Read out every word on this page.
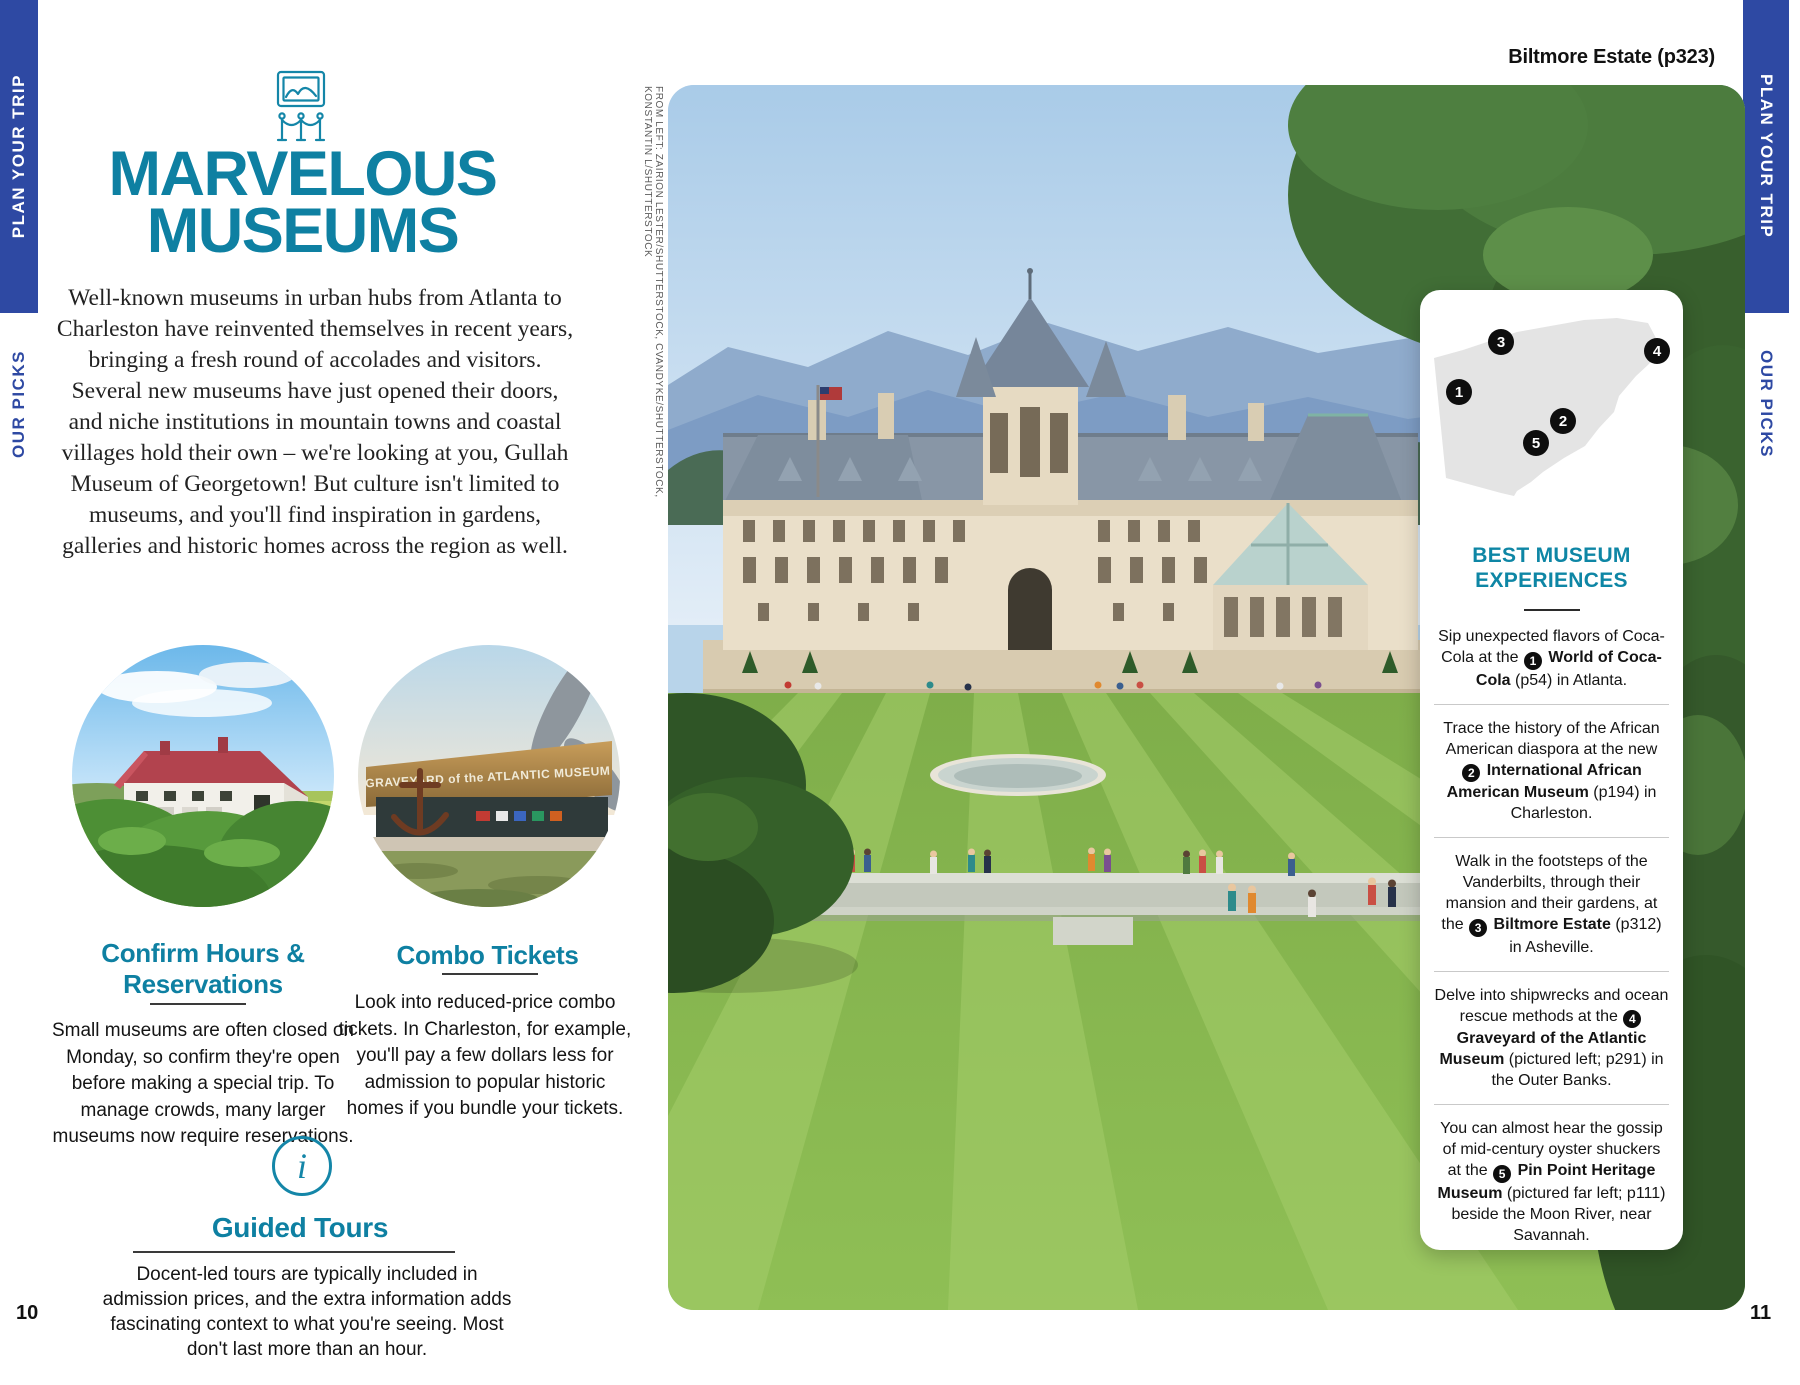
PLAN YOUR TRIP
OUR PICKS
PLAN YOUR TRIP
OUR PICKS
MARVELOUS
MUSEUMS

Well-known museums in urban hubs from Atlanta to Charleston have reinvented themselves in recent years, bringing a fresh round of accolades and visitors. Several new museums have just opened their doors, and niche institutions in mountain towns and coastal villages hold their own – we're looking at you, Gullah Museum of Georgetown! But culture isn't limited to museums, and you'll find inspiration in gardens, galleries and historic homes across the region as well.

GRAVEYARD of the ATLANTIC MUSEUM
Confirm Hours & Reservations

Small museums are often closed on Monday, so confirm they're open before making a special trip. To manage crowds, many larger museums now require reservations.

Combo Tickets

Look into reduced-price combo tickets. In Charleston, for example, you'll pay a few dollars less for admission to popular historic homes if you bundle your tickets.

i
Guided Tours

Docent-led tours are typically included in admission prices, and the extra information adds fascinating context to what you're seeing. Most don't last more than an hour.

10	11
Biltmore Estate (p323)
FROM LEFT: ZAIRION LESTER/SHUTTERSTOCK, CVANDYKE/SHUTTERSTOCK, KONSTANTIN L/SHUTTERSTOCK
1
2
3
4
5
BEST MUSEUM
EXPERIENCES

Sip unexpected flavors of Coca-Cola at the 1 World of Coca-Cola (p54) in Atlanta.

Trace the history of the African American diaspora at the new 2 International African American Museum (p194) in Charleston.

Walk in the footsteps of the Vanderbilts, through their mansion and their gardens, at the 3 Biltmore Estate (p312) in Asheville.

Delve into shipwrecks and ocean rescue methods at the 4 Graveyard of the Atlantic Museum (pictured left; p291) in the Outer Banks.

You can almost hear the gossip of mid-century oyster shuckers at the 5 Pin Point Heritage Museum (pictured far left; p111) beside the Moon River, near Savannah.
